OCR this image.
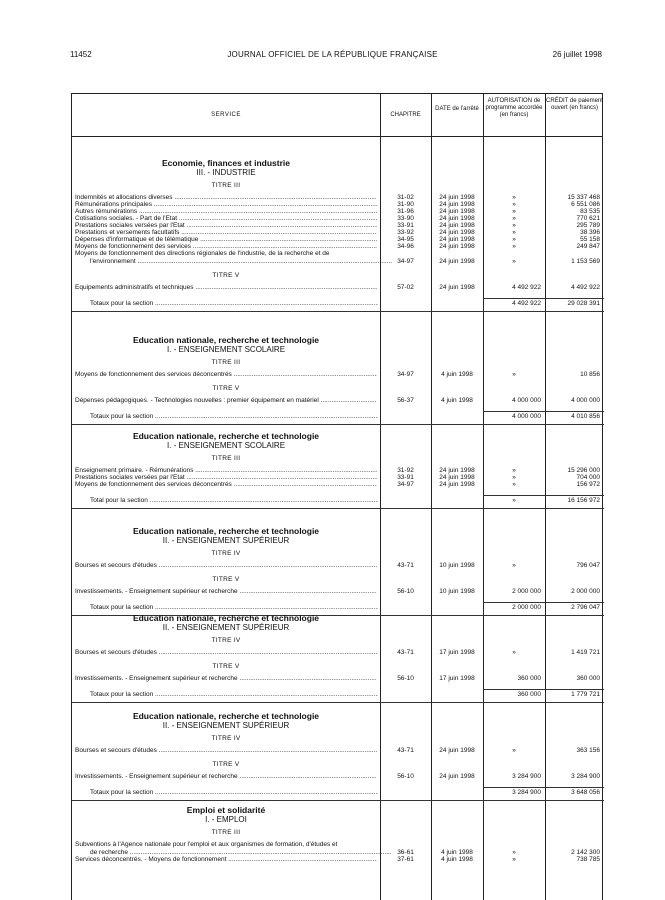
11452	JOURNAL OFFICIEL DE LA RÉPUBLIQUE FRANÇAISE	26 juillet 1998
SERVICE	CHAPITRE
DATE de l'arrêté
AUTORISATION de programme accordée (en francs)
CRÉDIT de paiement ouvert (en francs)
Economie, finances et industrie
III. - INDUSTRIE
TITRE III
Indemnités et allocations diverses .....	31-02	24 juin 1998	»	15 337 468
Rémunérations principales .....	31-90	24 juin 1998	»	6 551 086
Autres rémunérations .....	31-96	24 juin 1998	»	83 535
Cotisations sociales. - Part de l'Etat .....	33-90	24 juin 1998	»	770 621
Prestations sociales versées par l'Etat .....	33-91	24 juin 1998	»	295 789
Prestations et versements facultatifs .....	33-92	24 juin 1998	»	38 396
Dépenses d'informatique et de télématique .....	34-95	24 juin 1998	»	55 158
Moyens de fonctionnement des services .....	34-96	24 juin 1998	»	249 847
Moyens de fonctionnement des directions régionales de l'industrie, de la recherche et de
l'environnement .....	34-97	24 juin 1998	»	1 153 569
TITRE V
Equipements administratifs et techniques .....	57-02	24 juin 1998	4 492 922	4 492 922
Totaux pour la section .....	4 492 922	29 028 391
Education nationale, recherche et technologie
I. - ENSEIGNEMENT SCOLAIRE
TITRE III
Moyens de fonctionnement des services déconcentrés .....	34-97	4 juin 1998	»	10 856
TITRE V
Dépenses pédagogiques. - Technologies nouvelles : premier équipement en matériel .....	56-37	4 juin 1998	4 000 000	4 000 000
Totaux pour la section .....	4 000 000	4 010 856
Education nationale, recherche et technologie
I. - ENSEIGNEMENT SCOLAIRE
TITRE III
Enseignement primaire. - Rémunérations .....	31-92	24 juin 1998	»	15 296 000
Prestations sociales versées par l'Etat .....	33-91	24 juin 1998	»	704 000
Moyens de fonctionnement des services déconcentrés .....	34-97	24 juin 1998	»	156 972
Total pour la section .....	»	16 156 972
Education nationale, recherche et technologie
II. - ENSEIGNEMENT SUPÉRIEUR
TITRE IV
Bourses et secours d'études .....	43-71	10 juin 1998	»	796 047
TITRE V
Investissements. - Enseignement supérieur et recherche .....	56-10	10 juin 1998	2 000 000	2 000 000
Totaux pour la section .....	2 000 000	2 796 047
Education nationale, recherche et technologie
II. - ENSEIGNEMENT SUPÉRIEUR
TITRE IV
Bourses et secours d'études .....	43-71	17 juin 1998	»	1 419 721
TITRE V
Investissements. - Enseignement supérieur et recherche .....	56-10	17 juin 1998	360 000	360 000
Totaux pour la section .....	360 000	1 779 721
Education nationale, recherche et technologie
II. - ENSEIGNEMENT SUPÉRIEUR
TITRE IV
Bourses et secours d'études .....	43-71	24 juin 1998	»	363 156
TITRE V
Investissements. - Enseignement supérieur et recherche .....	56-10	24 juin 1998	3 284 900	3 284 900
Totaux pour la section .....	3 284 900	3 648 056
Emploi et solidarité
I. - EMPLOI
TITRE III
Subventions à l'Agence nationale pour l'emploi et aux organismes de formation, d'études et
de recherche .....	36-61	4 juin 1998	»	2 142 300
Services déconcentrés. - Moyens de fonctionnement .....	37-61	4 juin 1998	»	738 785
